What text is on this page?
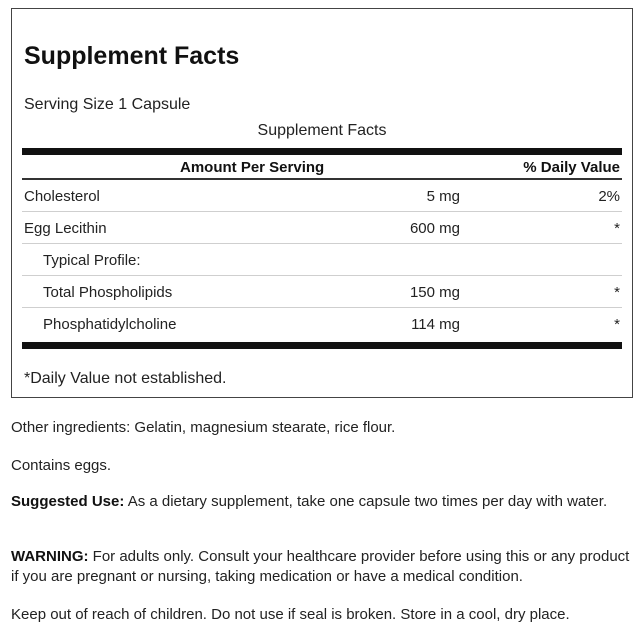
Supplement Facts
Serving Size 1 Capsule
Supplement Facts
Amount Per Serving	% Daily Value
Cholesterol	5 mg	2%
Egg Lecithin	600 mg	*
Typical Profile:
Total Phospholipids	150 mg	*
Phosphatidylcholine	114 mg	*
*Daily Value not established.
Other ingredients: Gelatin, magnesium stearate, rice flour.
Contains eggs.
Suggested Use: As a dietary supplement, take one capsule two times per day with water.
WARNING: For adults only. Consult your healthcare provider before using this or any product if you are pregnant or nursing, taking medication or have a medical condition.
Keep out of reach of children. Do not use if seal is broken. Store in a cool, dry place.
